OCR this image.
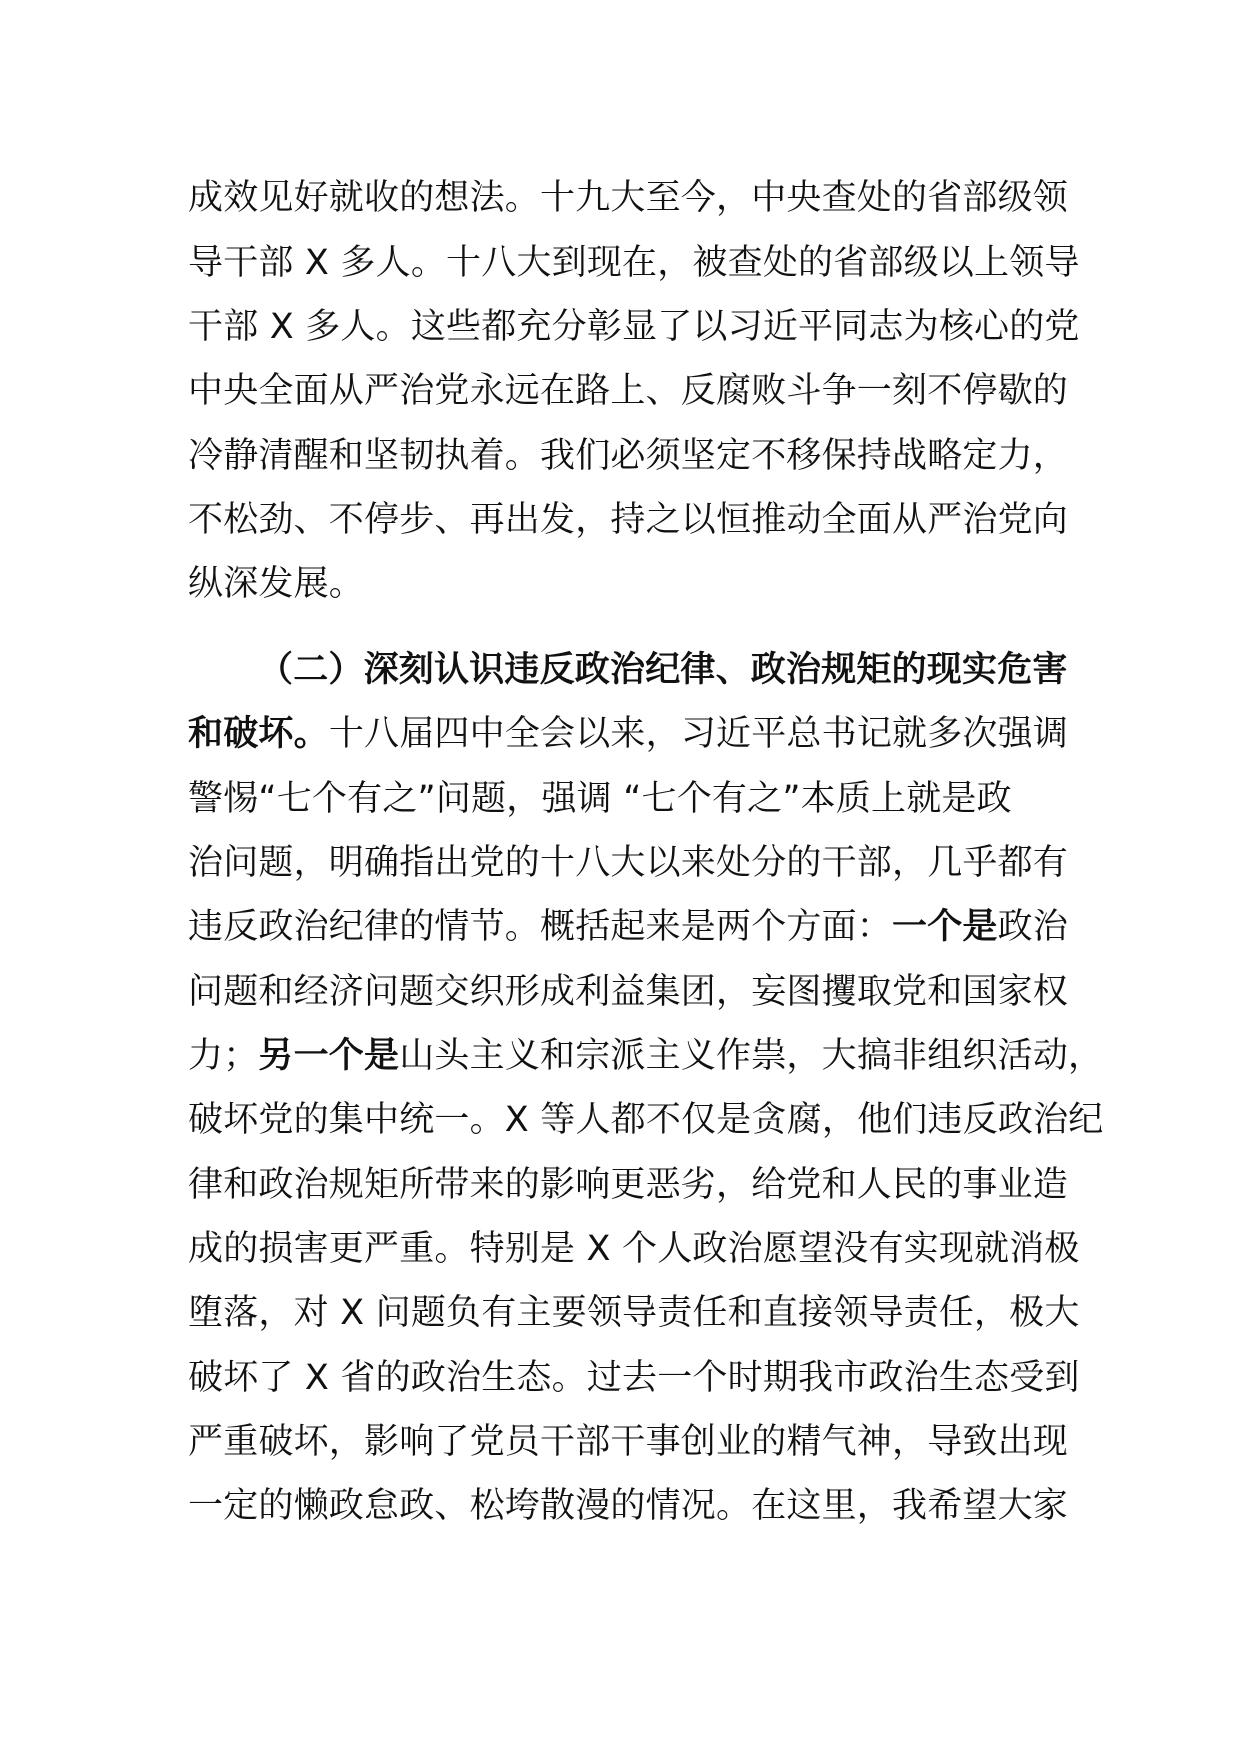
成效见好就收的想法。十九大至今，中央查处的省部级领
导干部 X 多人。十八大到现在，被查处的省部级以上领导
干部 X 多人。这些都充分彰显了以习近平同志为核心的党
中央全面从严治党永远在路上、反腐败斗争一刻不停歇的
冷静清醒和坚韧执着。我们必须坚定不移保持战略定力，
不松劲、不停步、再出发，持之以恒推动全面从严治党向
纵深发展。
（二）深刻认识违反政治纪律、政治规矩的现实危害
和破坏。十八届四中全会以来，习近平总书记就多次强调
警惕“七个有之”问题，强调 “七个有之”本质上就是政
治问题，明确指出党的十八大以来处分的干部，几乎都有
违反政治纪律的情节。概括起来是两个方面：一个是政治
问题和经济问题交织形成利益集团，妄图攫取党和国家权
力；另一个是山头主义和宗派主义作祟，大搞非组织活动，
破坏党的集中统一。X 等人都不仅是贪腐，他们违反政治纪
律和政治规矩所带来的影响更恶劣，给党和人民的事业造
成的损害更严重。特别是 X 个人政治愿望没有实现就消极
堕落，对 X 问题负有主要领导责任和直接领导责任，极大
破坏了 X 省的政治生态。过去一个时期我市政治生态受到
严重破坏，影响了党员干部干事创业的精气神，导致出现
一定的懒政怠政、松垮散漫的情况。在这里，我希望大家
